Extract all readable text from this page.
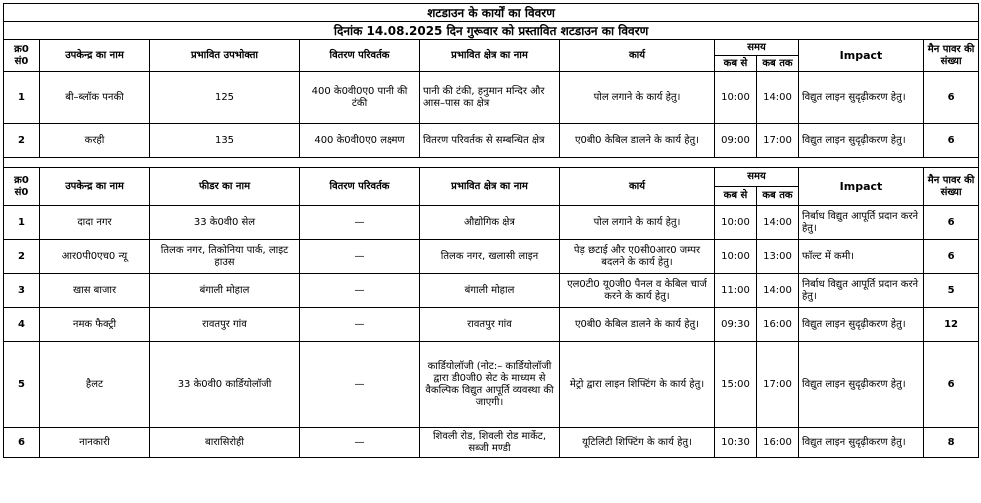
शटडाउन के कार्यों का विवरण									
दिनांक 14.08.2025 दिन गुरूवार को प्रस्तावित शटडाउन का विवरण									
क्र0 सं0	उपकेन्द्र का नाम	प्रभावित उपभोक्ता	वितरण परिवर्तक	प्रभावित क्षेत्र का नाम	कार्य	समय		Impact	मैन पावर की संख्या
						कब से	कब तक		
1	बी–ब्लॉक पनकी	125	400 के0वी0ए0 पानी की टंकी	पानी की टंकी, हनुमान मन्दिर और आस–पास का क्षेत्र	पोल लगाने के कार्य हेतु।	10:00	14:00	विद्युत लाइन सुदृढ़ीकरण हेतु।	6
2	करही	135	400 के0वी0ए0 लक्ष्मण	वितरण परिवर्तक से सम्बन्धित क्षेत्र	ए0बी0 केबिल डालने के कार्य हेतु।	09:00	17:00	विद्युत लाइन सुदृढ़ीकरण हेतु।	6

क्र0 सं0	उपकेन्द्र का नाम	फीडर का नाम	वितरण परिवर्तक	प्रभावित क्षेत्र का नाम	कार्य	समय		Impact	मैन पावर की संख्या
						कब से	कब तक		
1	दादा नगर	33 के0वी0 सेल	—	औद्योगिक क्षेत्र	पोल लगाने के कार्य हेतु।	10:00	14:00	निर्बाध विद्युत आपूर्ति प्रदान करने हेतु।	6
2	आर0पी0एच0 न्यू	तिलक नगर, तिकोनिया पार्क, लाइट हाउस	—	तिलक नगर, खलासी लाइन	पेड़ छटाई और ए0सी0आर0 जम्पर बदलने के कार्य हेतु।	10:00	13:00	फॉल्ट में कमी।	6
3	खास बाजार	बंगाली मोहाल	—	बंगाली मोहाल	एल0टी0 यू0जी0 पैनल व केबिल चार्ज करने के कार्य हेतु।	11:00	14:00	निर्बाध विद्युत आपूर्ति प्रदान करने हेतु।	5
4	नमक फैक्ट्री	रावतपुर गांव	—	रावतपुर गांव	ए0बी0 केबिल डालने के कार्य हेतु।	09:30	16:00	विद्युत लाइन सुदृढ़ीकरण हेतु।	12
5	हैलट	33 के0वी0 कार्डियोलॉजी	—	कार्डियोलॉजी (नोट:– कार्डियोलॉजी द्वारा डी0जी0 सेट के माध्यम से वैकल्पिक विद्युत आपूर्ति व्यवस्था की जाएगी।	मेट्रो द्वारा लाइन शिफ्टिंग के कार्य हेतु।	15:00	17:00	विद्युत लाइन सुदृढ़ीकरण हेतु।	6
6	नानकारी	बारासिरोही	—	शिवली रोड, शिवली रोड मार्केट, सब्जी मण्डी	यूटिलिटी शिफ्टिंग के कार्य हेतु।	10:30	16:00	विद्युत लाइन सुदृढ़ीकरण हेतु।	8
